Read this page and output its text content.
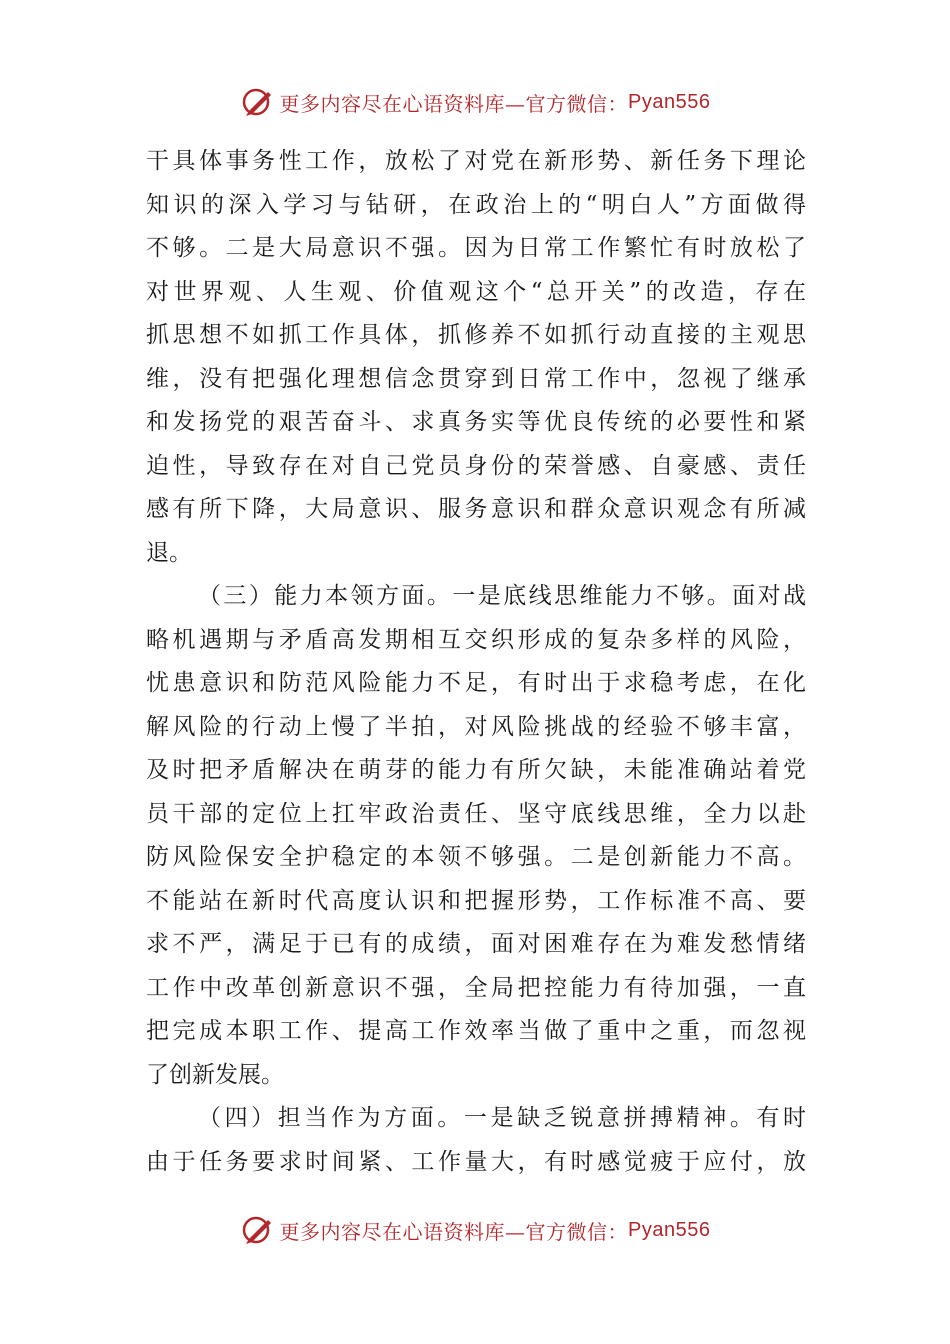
更多内容尽在心语资料库—官方微信： Pyan556
干具体事务性工作，放松了对党在新形势、新任务下理论
知识的深入学习与钻研，在政治上的“明白人”方面做得
不够。二是大局意识不强。因为日常工作繁忙有时放松了
对世界观、人生观、价值观这个“总开关”的改造，存在
抓思想不如抓工作具体，抓修养不如抓行动直接的主观思
维，没有把强化理想信念贯穿到日常工作中，忽视了继承
和发扬党的艰苦奋斗、求真务实等优良传统的必要性和紧
迫性，导致存在对自己党员身份的荣誉感、自豪感、责任
感有所下降，大局意识、服务意识和群众意识观念有所减
退。
（三）能力本领方面。一是底线思维能力不够。面对战
略机遇期与矛盾高发期相互交织形成的复杂多样的风险，
忧患意识和防范风险能力不足，有时出于求稳考虑，在化
解风险的行动上慢了半拍，对风险挑战的经验不够丰富，
及时把矛盾解决在萌芽的能力有所欠缺，未能准确站着党
员干部的定位上扛牢政治责任、坚守底线思维，全力以赴
防风险保安全护稳定的本领不够强。二是创新能力不高。
不能站在新时代高度认识和把握形势，工作标准不高、要
求不严，满足于已有的成绩，面对困难存在为难发愁情绪
工作中改革创新意识不强，全局把控能力有待加强，一直
把完成本职工作、提高工作效率当做了重中之重，而忽视
了创新发展。
（四）担当作为方面。一是缺乏锐意拼搏精神。有时
由于任务要求时间紧、工作量大，有时感觉疲于应付，放
更多内容尽在心语资料库—官方微信： Pyan556
